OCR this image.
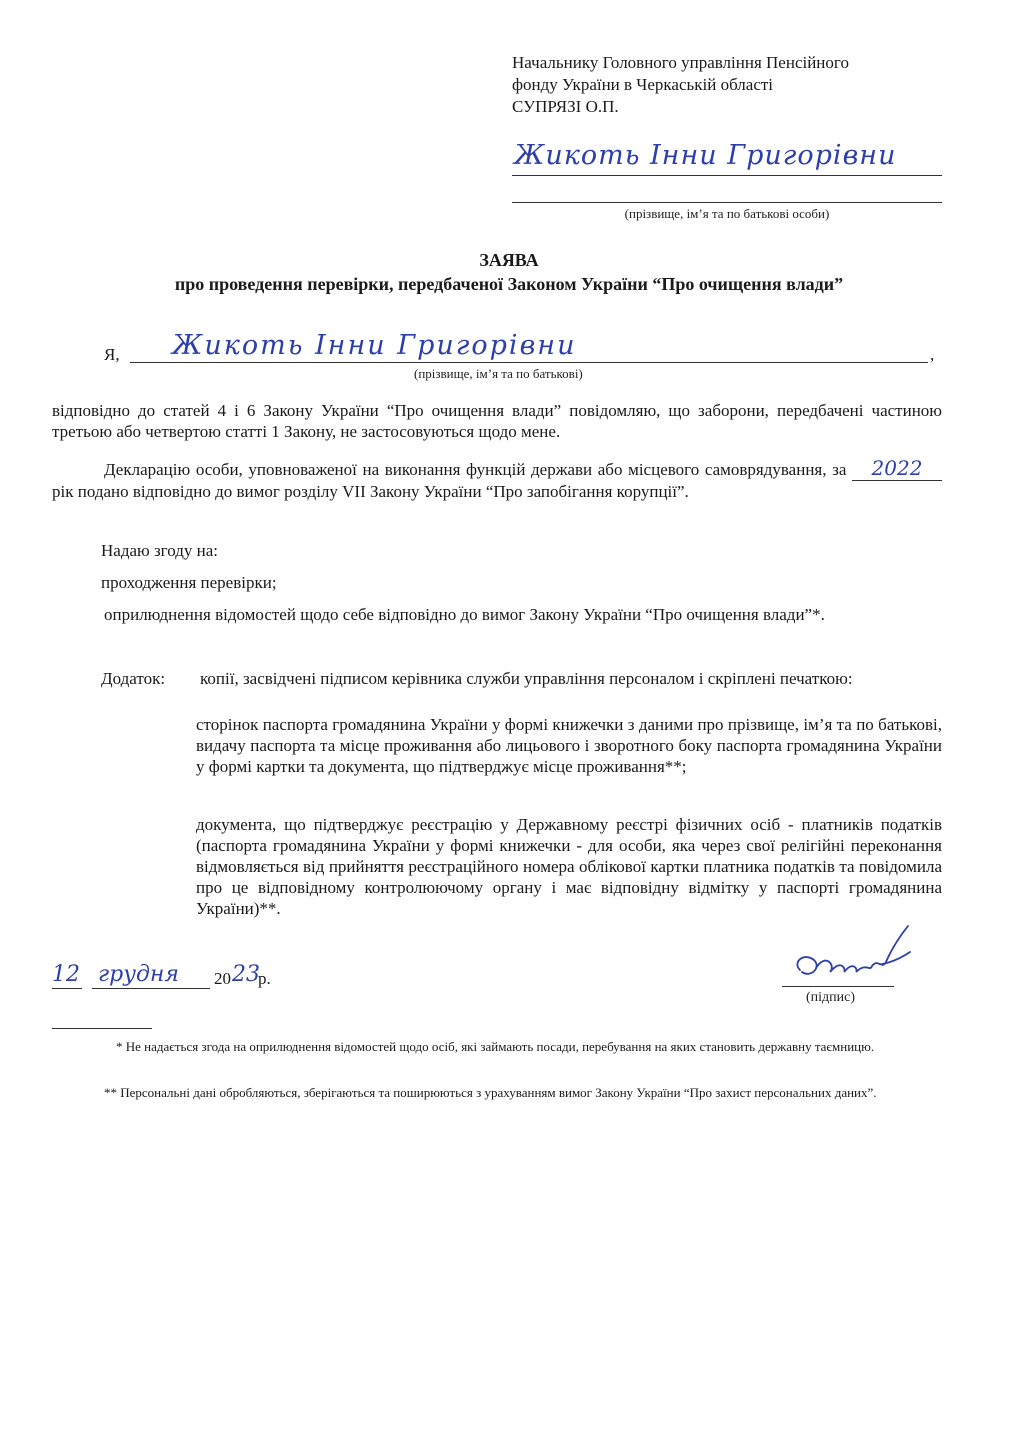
Начальнику Головного управління Пенсійного
фонду України в Черкаській області
СУПРЯЗІ О.П.
Жикоть Інни Григорівни
(прізвище, ім’я та по батькові особи)
ЗАЯВА
про проведення перевірки, передбаченої Законом України “Про очищення влади”
Я, Жикоть Інни Григорівни	,
(прізвище, ім’я та по батькові)
відповідно до статей 4 і 6 Закону України “Про очищення влади” повідомляю, що заборони, передбачені частиною третьою або четвертою статті 1 Закону, не застосовуються щодо мене.
Декларацію особи, уповноваженої на виконання функцій держави або місцевого самоврядування, за 2022 рік подано відповідно до вимог розділу VII Закону України “Про запобігання корупції”.
Надаю згоду на:
проходження перевірки;
оприлюднення відомостей щодо себе відповідно до вимог Закону України “Про очищення влади”*.
Додаток: копії, засвідчені підписом керівника служби управління персоналом і скріплені печаткою:
сторінок паспорта громадянина України у формі книжечки з даними про прізвище, ім’я та по батькові, видачу паспорта та місце проживання або лицьового і зворотного боку паспорта громадянина України у формі картки та документа, що підтверджує місце проживання**;
документа, що підтверджує реєстрацію у Державному реєстрі фізичних осіб - платників податків (паспорта громадянина України у формі книжечки - для особи, яка через свої релігійні переконання відмовляється від прийняття реєстраційного номера облікової картки платника податків та повідомила про це відповідному контролюючому органу і має відповідну відмітку у паспорті громадянина України)**.
12 грудня 20 23
р.
(підпис)
* Не надається згода на оприлюднення відомостей щодо осіб, які займають посади, перебування на яких становить державну таємницю.
** Персональні дані обробляються, зберігаються та поширюються з урахуванням вимог Закону України “Про захист персональних даних”.
